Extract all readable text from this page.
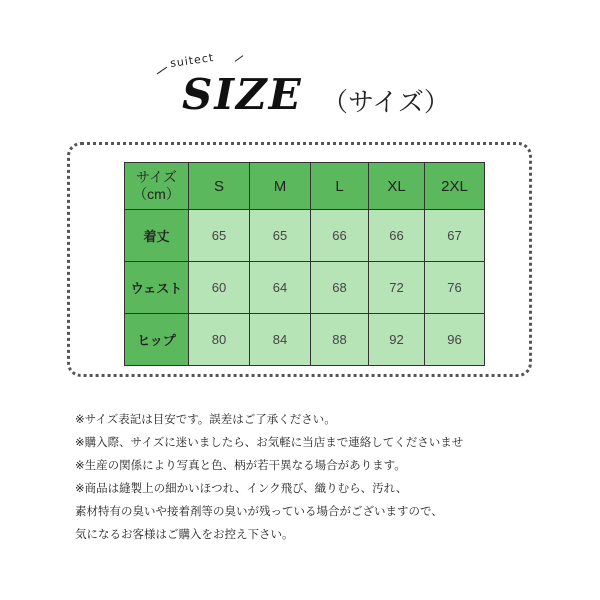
suitect
SIZE （サイズ）
サイズ
（cm）	S	M	L	XL	2XL
着丈	65	65	66	66	67
ウェスト	60	64	68	72	76
ヒップ	80	84	88	92	96
※サイズ表記は目安です。誤差はご了承ください。
※購入際、サイズに迷いましたら、お気軽に当店まで連絡してくださいませ
※生産の関係により写真と色、柄が若干異なる場合があります。
※商品は縫製上の細かいほつれ、インク飛び、織りむら、汚れ、
素材特有の臭いや接着剤等の臭いが残っている場合がございますので、
気になるお客様はご購入をお控え下さい。
